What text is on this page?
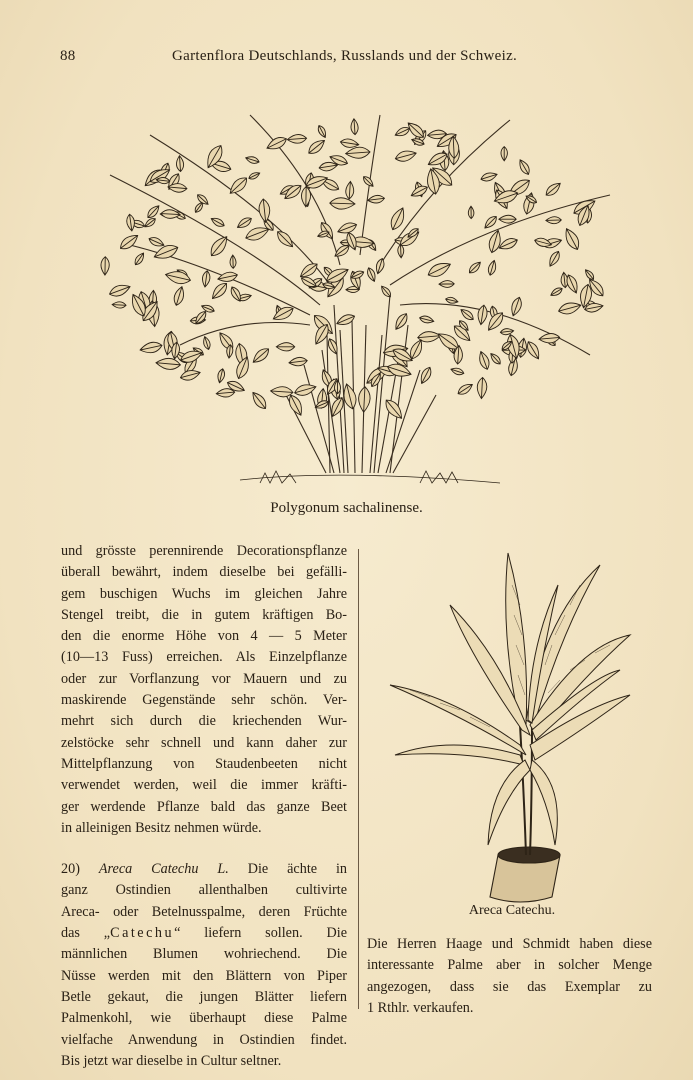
88	Gartenflora Deutschlands, Russlands und der Schweiz.
Polygonum sachalinense.

und grösste perennirende Decorationspflanze
überall bewährt, indem dieselbe bei gefälli-
gem buschigen Wuchs im gleichen Jahre
Stengel treibt, die in gutem kräftigen Bo-
den die enorme Höhe von 4 — 5 Meter
(10—13 Fuss) erreichen. Als Einzelpflanze
oder zur Vorflanzung vor Mauern und zu
maskirende Gegenstände sehr schön. Ver-
mehrt sich durch die kriechenden Wur-
zelstöcke sehr schnell und kann daher zur
Mittelpflanzung von Staudenbeeten nicht
verwendet werden, weil die immer kräfti-
ger werdende Pflanze bald das ganze Beet
in alleinigen Besitz nehmen würde.

20) Areca Catechu L. Die ächte in
ganz Ostindien allenthalben cultivirte
Areca- oder Betelnusspalme, deren Früchte
das „Catechu“ liefern sollen. Die
männlichen Blumen wohriechend. Die
Nüsse werden mit den Blättern von Piper
Betle gekaut, die jungen Blätter liefern
Palmenkohl, wie überhaupt diese Palme
vielfache Anwendung in Ostindien findet.
Bis jetzt war dieselbe in Cultur seltner.

Areca Catechu.
Die Herren Haage und Schmidt haben diese
interessante Palme aber in solcher Menge
angezogen, dass sie das Exemplar zu
1 Rthlr. verkaufen.
